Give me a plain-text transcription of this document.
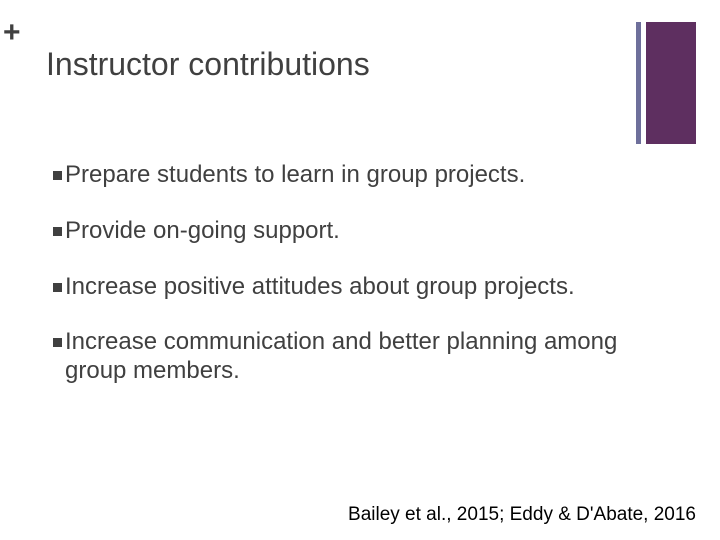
+
Instructor contributions
Prepare students to learn in group projects.
Provide on-going support.
Increase positive attitudes about group projects.
Increase communication and better planning among group members.
Bailey et al., 2015; Eddy & D'Abate, 2016
